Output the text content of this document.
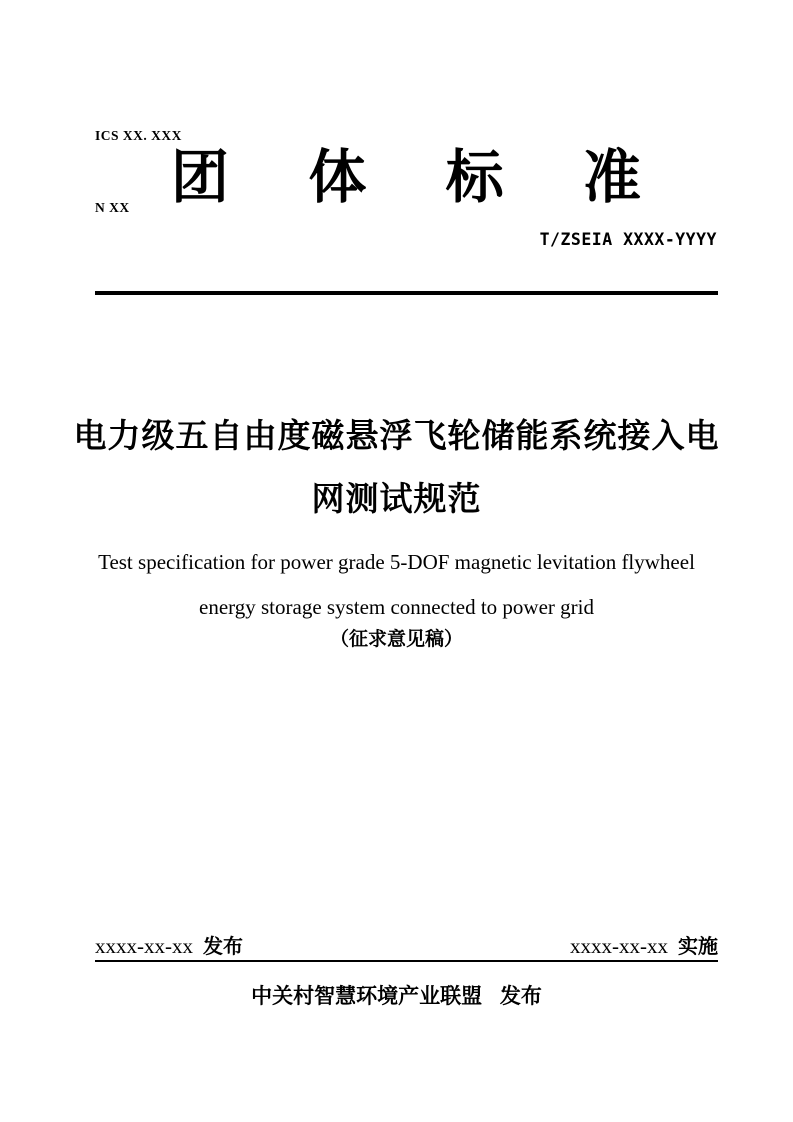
ICS XX. XXX

N XX

团 体 标 准
T/ZSEIA XXXX-YYYY
电力级五自由度磁悬浮飞轮储能系统接入电
网测试规范
Test specification for power grade 5-DOF magnetic levitation flywheel
energy storage system connected to power grid
（征求意见稿）
xxxx-xx-xx 发布	xxxx-xx-xx 实施
中关村智慧环境产业联盟 发布
